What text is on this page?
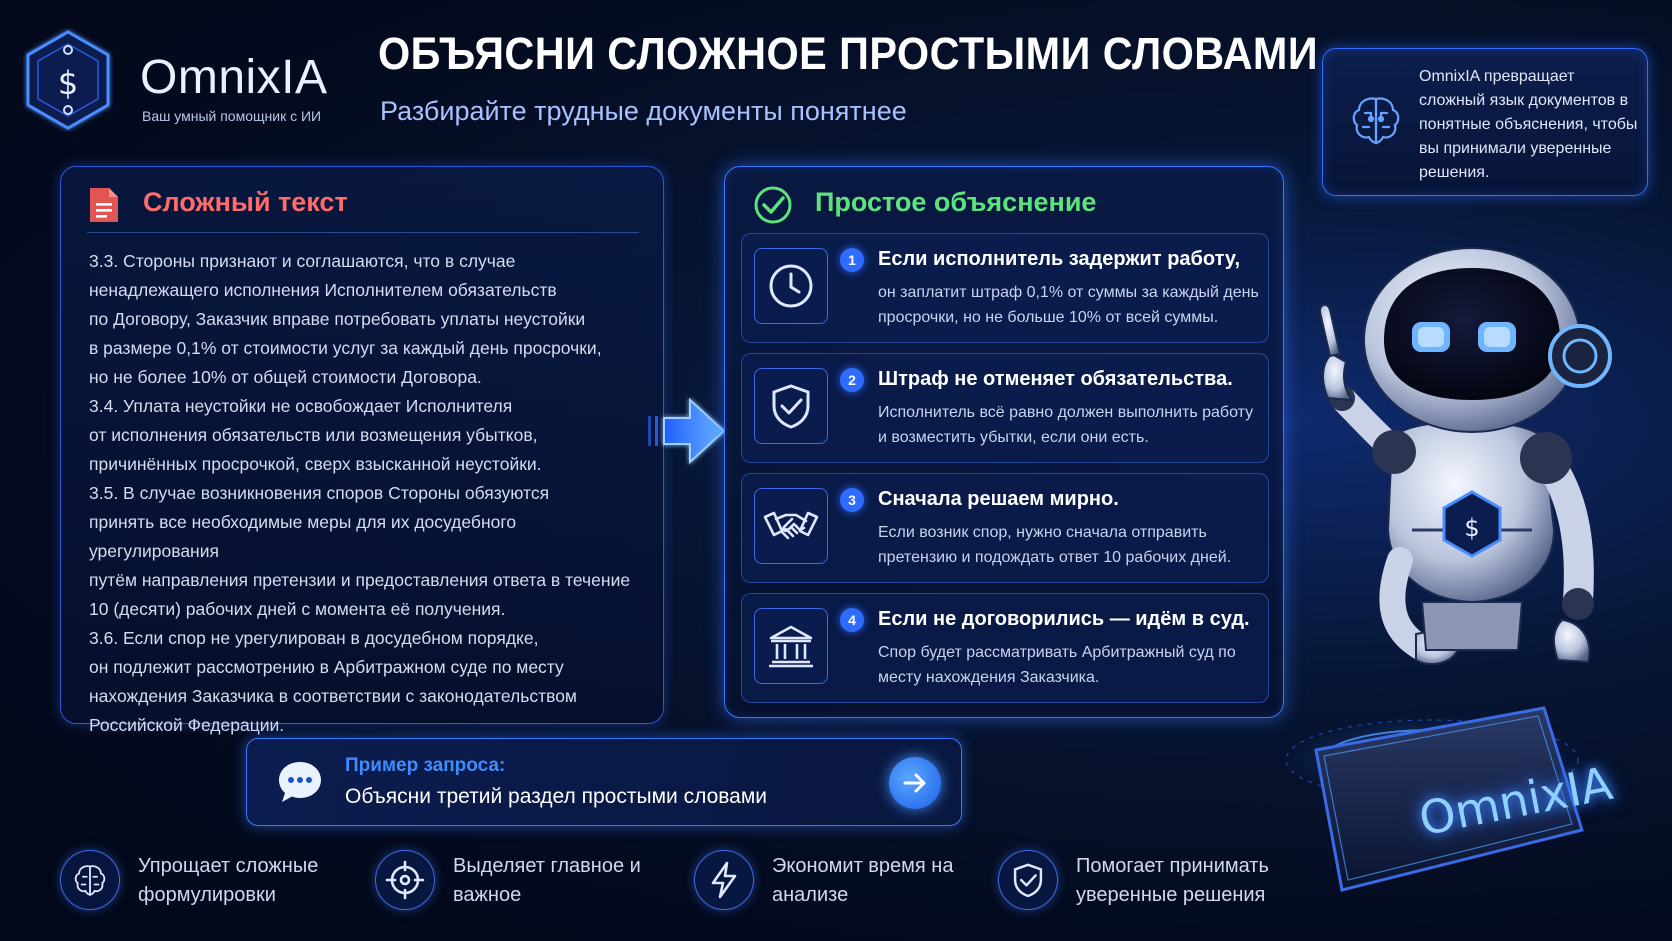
$ OmnixIA
Ваш умный помощник с ИИ
ОБЪЯСНИ СЛОЖНОЕ ПРОСТЫМИ СЛОВАМИ
Разбирайте трудные документы понятнее
OmnixIA превращает сложный язык документов в понятные объяснения, чтобы вы принимали уверенные решения.
Сложный текст

3.3. Стороны признают и соглашаются, что в случае

ненадлежащего исполнения Исполнителем обязательств

по Договору, Заказчик вправе потребовать уплаты неустойки

в размере 0,1% от стоимости услуг за каждый день просрочки,

но не более 10% от общей стоимости Договора.

3.4. Уплата неустойки не освобождает Исполнителя

от исполнения обязательств или возмещения убытков,

причинённых просрочкой, сверх взысканной неустойки.

3.5. В случае возникновения споров Стороны обязуются

принять все необходимые меры для их досудебного урегулирования

путём направления претензии и предоставления ответа в течение

10 (десяти) рабочих дней с момента её получения.

3.6. Если спор не урегулирован в досудебном порядке,

он подлежит рассмотрению в Арбитражном суде по месту

нахождения Заказчика в соответствии с законодательством

Российской Федерации.

Простое объяснение
1	Если исполнитель задержит работу,
он заплатит штраф 0,1% от суммы за каждый день просрочки, но не больше 10% от всей суммы.
2	Штраф не отменяет обязательства.
Исполнитель всё равно должен выполнить работу и возместить убытки, если они есть.
3	Сначала решаем мирно.
Если возник спор, нужно сначала отправить претензию и подождать ответ 10 рабочих дней.
4	Если не договорились — идём в суд.
Спор будет рассматривать Арбитражный суд по месту нахождения Заказчика.
Пример запроса:
Объясни третий раздел простыми словами
Упрощает сложные формулировки
Выделяет главное и важное
Экономит время на анализе
Помогает принимать уверенные решения
$
OmnixIA
